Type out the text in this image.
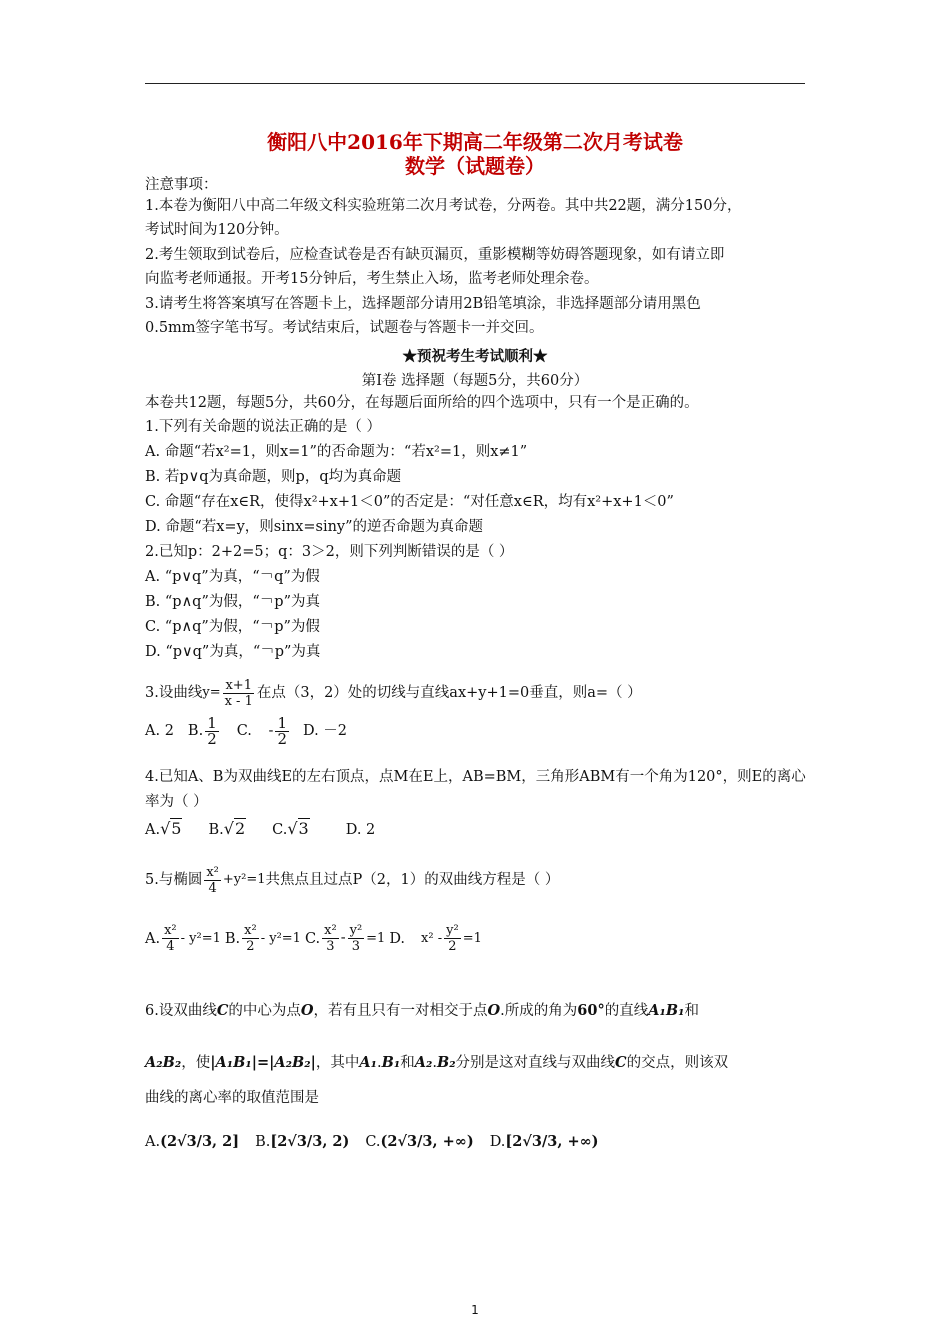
衡阳八中2016年下期高二年级第二次月考试卷
数学（试题卷）
注意事项：
1.本卷为衡阳八中高二年级文科实验班第二次月考试卷，分两卷。其中共22题，满分150分，
考试时间为120分钟。
2.考生领取到试卷后，应检查试卷是否有缺页漏页，重影模糊等妨碍答题现象，如有请立即
向监考老师通报。开考15分钟后，考生禁止入场，监考老师处理余卷。
3.请考生将答案填写在答题卡上，选择题部分请用2B铅笔填涂，非选择题部分请用黑色
0.5mm签字笔书写。考试结束后，试题卷与答题卡一并交回。
★预祝考生考试顺利★
第I卷 选择题（每题5分，共60分）
本卷共12题，每题5分，共60分，在每题后面所给的四个选项中，只有一个是正确的。
1.下列有关命题的说法正确的是（ ）
A. 命题“若x²=1，则x=1”的否命题为：“若x²=1，则x≠1”
B. 若p∨q为真命题，则p，q均为真命题
C. 命题“存在x∈R，使得x²+x+1＜0”的否定是：“对任意x∈R，均有x²+x+1＜0”
D. 命题“若x=y，则sinx=siny”的逆否命题为真命题
2.已知p：2+2=5；q：3＞2，则下列判断错误的是（ ）
A. “p∨q”为真，“￢q”为假
B. “p∧q”为假，“￢p”为真
C. “p∧q”为假，“￢p”为假
D. “p∨q”为真，“￢p”为真
3.设曲线$y= \frac{x+1}{x - 1}$ 在点（3，2）处的切线与直线ax+y+1=0垂直，则a=（ ）
A. 2 B. $\frac{1}{2} C$. - $\frac{1}{2} D$. －2
4.已知A、B为双曲线E的左右顶点，点M在E上，AB=BM，三角形ABM有一个角为120°，则E的离心
率为（ ）
A.√5 B.√2 C.√3	D. 2
5.与椭圆 $\frac{\text{x²}}{4} +y^2=1$共焦点且过点P（2，1）的双曲线方程是（ ）
A. $\frac{\text{x²}}{4} - y^2=1$ B. $\frac{\text{x²}}{2} - y^2=1$ C. $\frac{\text{x²}}{3} - \frac{\text{y²}}{3} =1$ D. $x^2 - \frac{\text{y²}}{2} =1$
6.设双曲线C的中心为点O，若有且只有一对相交于点O.所成的角为60°的直线A₁B₁和
A₂B₂，使|A₁B₁|=|A₂B₂|，其中A₁.B₁和A₂.B₂分别是这对直线与双曲线C的交点，则该双
曲线的离心率的取值范围是
A.(2√3/3, 2] B.[2√3/3, 2) C.(2√3/3, +∞) D.[2√3/3, +∞)
1
